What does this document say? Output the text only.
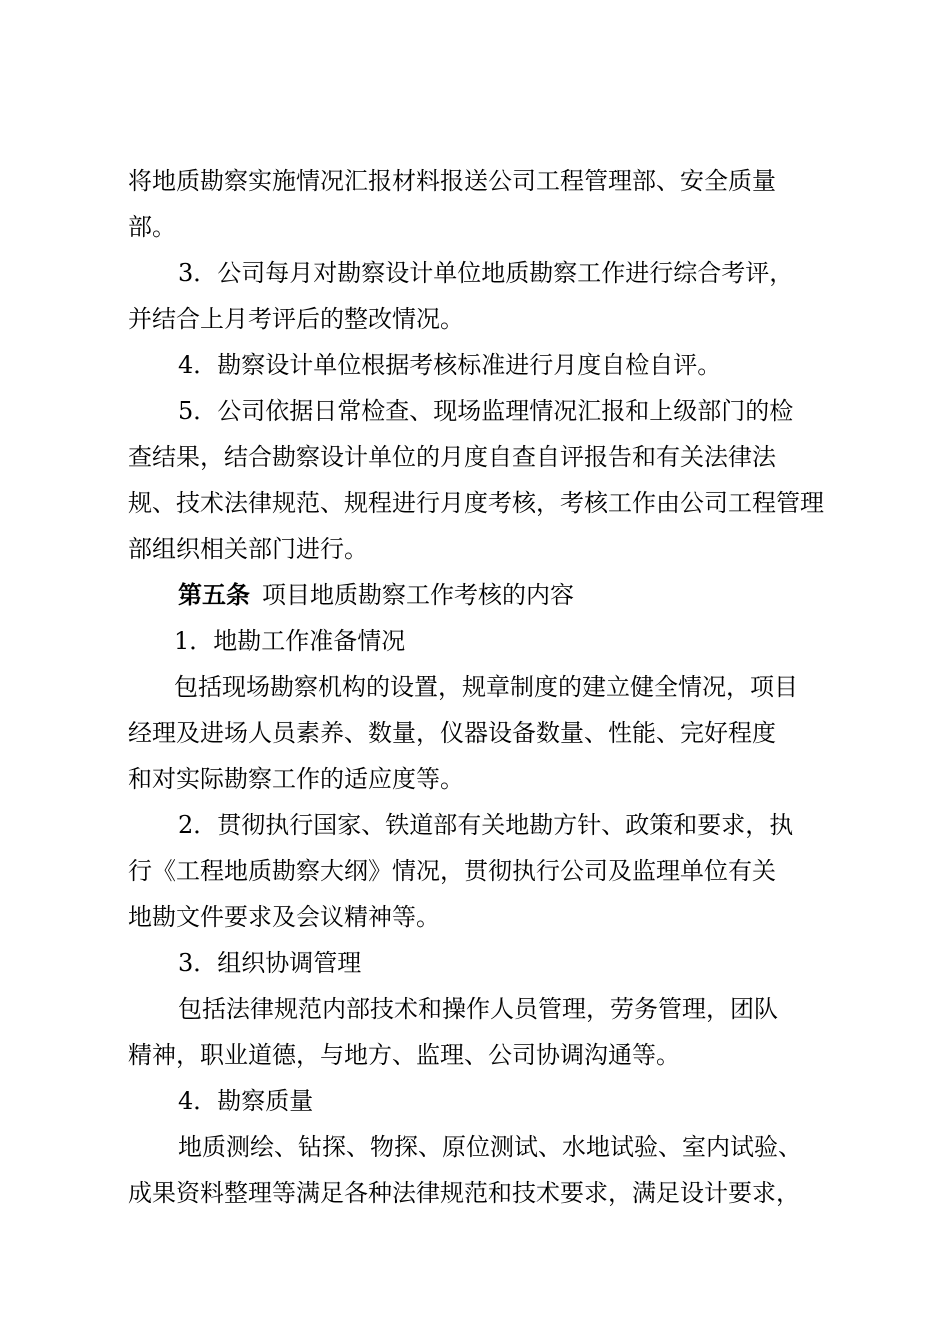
将地质勘察实施情况汇报材料报送公司工程管理部、安全质量
部。
3．公司每月对勘察设计单位地质勘察工作进行综合考评，
并结合上月考评后的整改情况。
4．勘察设计单位根据考核标准进行月度自检自评。
5．公司依据日常检查、现场监理情况汇报和上级部门的检
查结果，结合勘察设计单位的月度自查自评报告和有关法律法
规、技术法律规范、规程进行月度考核，考核工作由公司工程管理
部组织相关部门进行。
第五条  项目地质勘察工作考核的内容
1．地勘工作准备情况
包括现场勘察机构的设置，规章制度的建立健全情况，项目
经理及进场人员素养、数量，仪器设备数量、性能、完好程度
和对实际勘察工作的适应度等。
2．贯彻执行国家、铁道部有关地勘方针、政策和要求，执
行《工程地质勘察大纲》情况，贯彻执行公司及监理单位有关
地勘文件要求及会议精神等。
3．组织协调管理
包括法律规范内部技术和操作人员管理，劳务管理，团队
精神，职业道德，与地方、监理、公司协调沟通等。
4．勘察质量
地质测绘、钻探、物探、原位测试、水地试验、室内试验、
成果资料整理等满足各种法律规范和技术要求，满足设计要求，
